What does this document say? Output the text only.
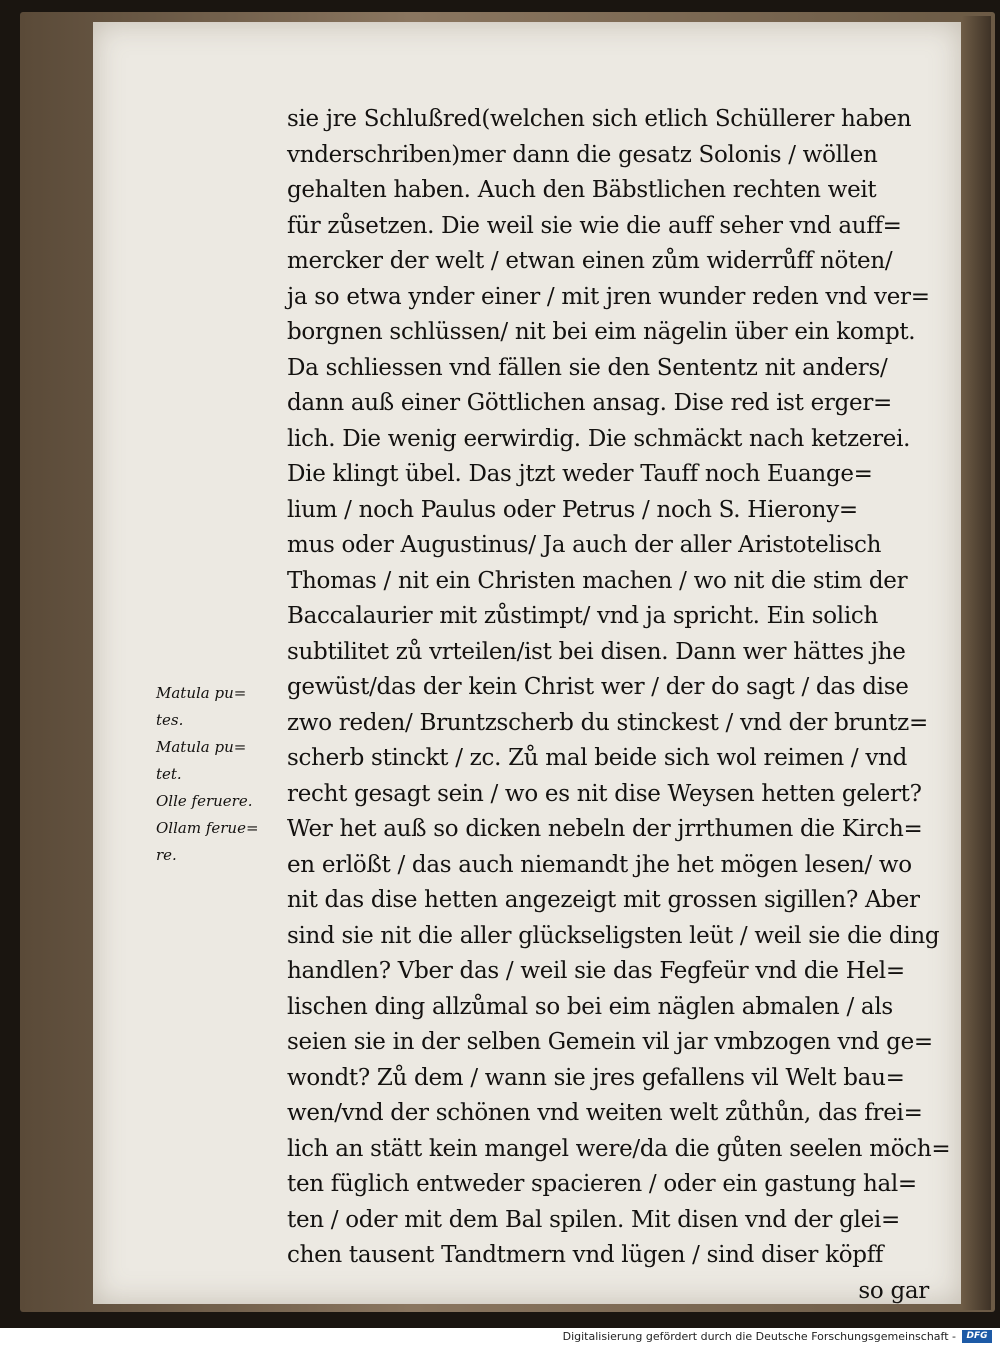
Matula pu=
tes.
Matula pu=
tet.
Olle feruere.
Ollam ferue=
re.
sie jre Schlußred(welchen sich etlich Schüllerer haben
vnderschriben)mer dann die gesatz Solonis / wöllen
gehalten haben. Auch den Bäbstlichen rechten weit
für zůsetzen. Die weil sie wie die auff seher vnd auff=
mercker der welt / etwan einen zům widerrůff nöten/
ja so etwa ynder einer / mit jren wunder reden vnd ver=
borgnen schlüssen/ nit bei eim nägelin über ein kompt.
Da schliessen vnd fällen sie den Sententz nit anders/
dann auß einer Göttlichen ansag. Dise red ist erger=
lich. Die wenig eerwirdig. Die schmäckt nach ketzerei.
Die klingt übel. Das jtzt weder Tauff noch Euange=
lium / noch Paulus oder Petrus / noch S. Hierony=
mus oder Augustinus/ Ja auch der aller Aristotelisch
Thomas / nit ein Christen machen / wo nit die stim der
Baccalaurier mit zůstimpt/ vnd ja spricht. Ein solich
subtilitet zů vrteilen/ist bei disen. Dann wer hättes jhe
gewüst/das der kein Christ wer / der do sagt / das dise
zwo reden/ Bruntzscherb du stinckest / vnd der bruntz=
scherb stinckt / zc. Zů mal beide sich wol reimen / vnd
recht gesagt sein / wo es nit dise Weysen hetten gelert?
Wer het auß so dicken nebeln der jrrthumen die Kirch=
en erlößt / das auch niemandt jhe het mögen lesen/ wo
nit das dise hetten angezeigt mit grossen sigillen? Aber
sind sie nit die aller glückseligsten leüt / weil sie die ding
handlen? Vber das / weil sie das Fegfeür vnd die Hel=
lischen ding allzůmal so bei eim näglen abmalen / als
seien sie in der selben Gemein vil jar vmbzogen vnd ge=
wondt? Zů dem / wann sie jres gefallens vil Welt bau=
wen/vnd der schönen vnd weiten welt zůthůn, das frei=
lich an stätt kein mangel were/da die gůten seelen möch=
ten füglich entweder spacieren / oder ein gastung hal=
ten / oder mit dem Bal spilen. Mit disen vnd der glei=
chen tausent Tandtmern vnd lügen / sind diser köpff
so gar
Digitalisierung gefördert durch die Deutsche Forschungsgemeinschaft -	DFG
